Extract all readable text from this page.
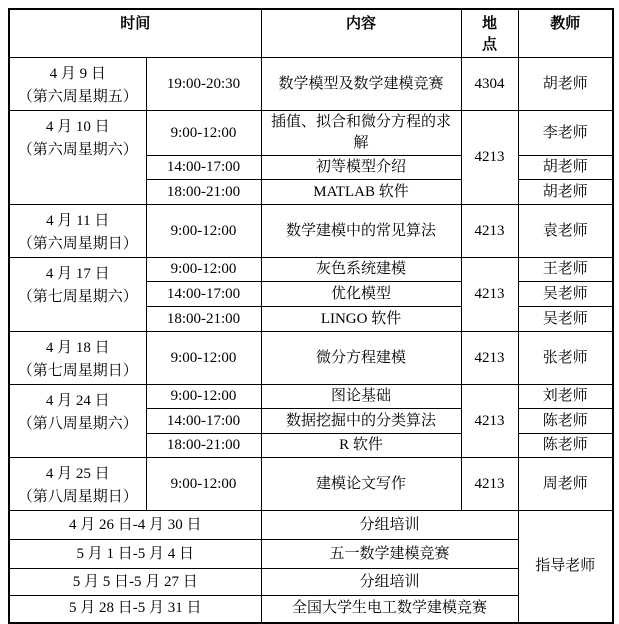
时间		内容	地
点	教师

4 月 9 日
（第六周星期五）	19:00-20:30	数学模型及数学建模竞赛	4304	胡老师

4 月 10 日
（第六周星期六）	9:00-12:00	插值、拟合和微分方程的求解	4213	李老师
	14:00-17:00	初等模型介绍		胡老师
	18:00-21:00	MATLAB 软件		胡老师

4 月 11 日
（第六周星期日）	9:00-12:00	数学建模中的常见算法	4213	袁老师

4 月 17 日
（第七周星期六）	9:00-12:00	灰色系统建模	4213	王老师
	14:00-17:00	优化模型		吴老师
	18:00-21:00	LINGO 软件		吴老师

4 月 18 日
（第七周星期日）	9:00-12:00	微分方程建模	4213	张老师

4 月 24 日
（第八周星期六）	9:00-12:00	图论基础	4213	刘老师
	14:00-17:00	数据挖掘中的分类算法		陈老师
	18:00-21:00	R 软件		陈老师

4 月 25 日
（第八周星期日）	9:00-12:00	建模论文写作	4213	周老师
4 月 26 日-4 月 30 日		分组培训		指导老师
5 月 1 日-5 月 4 日		五一数学建模竞赛		
5 月 5 日-5 月 27 日		分组培训		
5 月 28 日-5 月 31 日		全国大学生电工数学建模竞赛		
